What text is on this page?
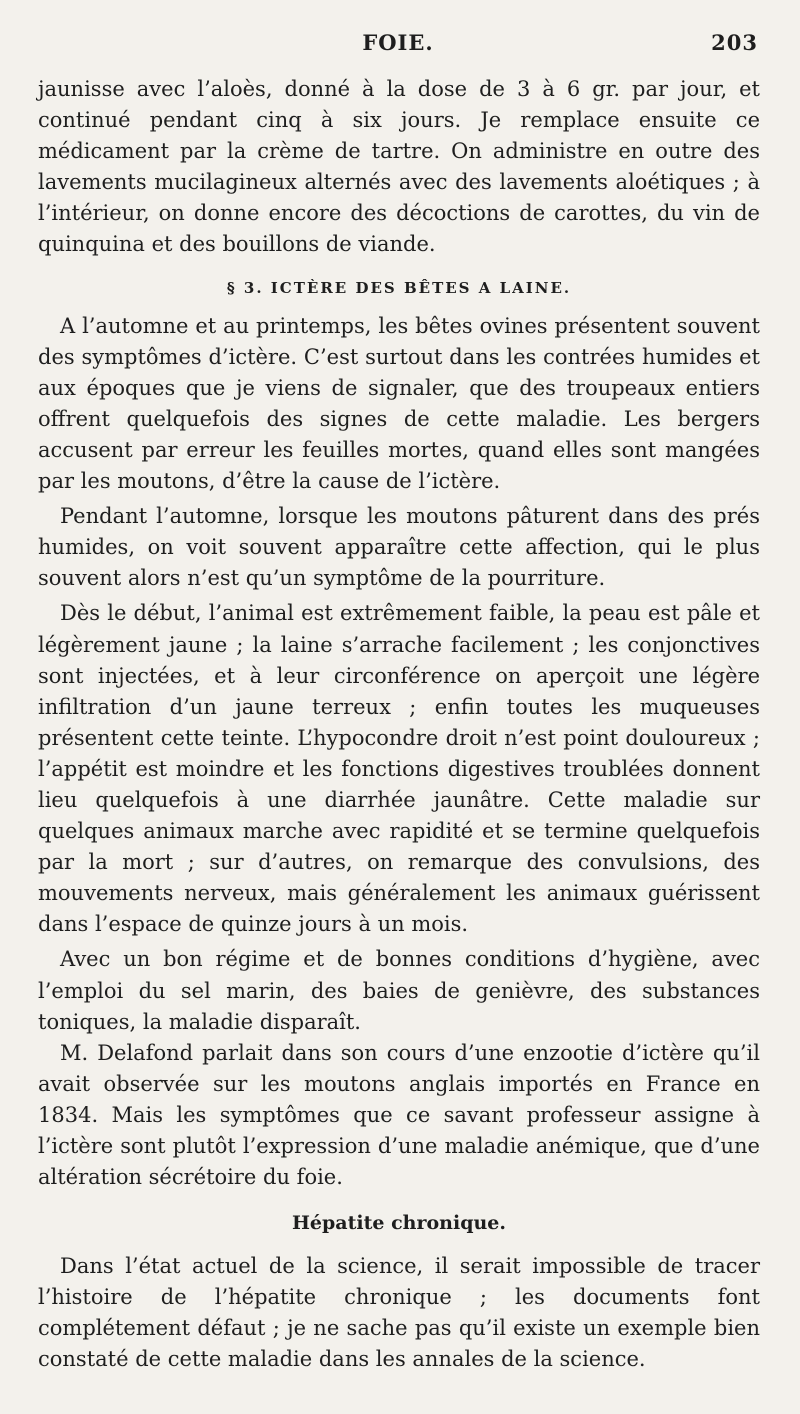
FOIE.	203

jaunisse avec l’aloès, donné à la dose de 3 à 6 gr. par jour, et continué pendant cinq à six jours. Je remplace ensuite ce médicament par la crème de tartre. On administre en outre des lavements mucilagineux alternés avec des lavements aloétiques ; à l’intérieur, on donne encore des décoctions de carottes, du vin de quinquina et des bouillons de viande.

§ 3. ICTÈRE DES BÊTES A LAINE.

A l’automne et au printemps, les bêtes ovines présentent souvent des symptômes d’ictère. C’est surtout dans les contrées humides et aux époques que je viens de signaler, que des troupeaux entiers offrent quelquefois des signes de cette maladie. Les bergers accusent par erreur les feuilles mortes, quand elles sont mangées par les moutons, d’être la cause de l’ictère.

Pendant l’automne, lorsque les moutons pâturent dans des prés humides, on voit souvent apparaître cette affection, qui le plus souvent alors n’est qu’un symptôme de la pourriture.

Dès le début, l’animal est extrêmement faible, la peau est pâle et légèrement jaune ; la laine s’arrache facilement ; les conjonctives sont injectées, et à leur circonférence on aperçoit une légère infiltration d’un jaune terreux ; enfin toutes les muqueuses présentent cette teinte. L’hypocondre droit n’est point douloureux ; l’appétit est moindre et les fonctions digestives troublées donnent lieu quelquefois à une diarrhée jaunâtre. Cette maladie sur quelques animaux marche avec rapidité et se termine quelquefois par la mort ; sur d’autres, on remarque des convulsions, des mouvements nerveux, mais généralement les animaux guérissent dans l’espace de quinze jours à un mois.

Avec un bon régime et de bonnes conditions d’hygiène, avec l’emploi du sel marin, des baies de genièvre, des substances toniques, la maladie disparaît.

M. Delafond parlait dans son cours d’une enzootie d’ictère qu’il avait observée sur les moutons anglais importés en France en 1834. Mais les symptômes que ce savant professeur assigne à l’ictère sont plutôt l’expression d’une maladie anémique, que d’une altération sécrétoire du foie.

Hépatite chronique.

Dans l’état actuel de la science, il serait impossible de tracer l’histoire de l’hépatite chronique ; les documents font complétement défaut ; je ne sache pas qu’il existe un exemple bien constaté de cette maladie dans les annales de la science.
